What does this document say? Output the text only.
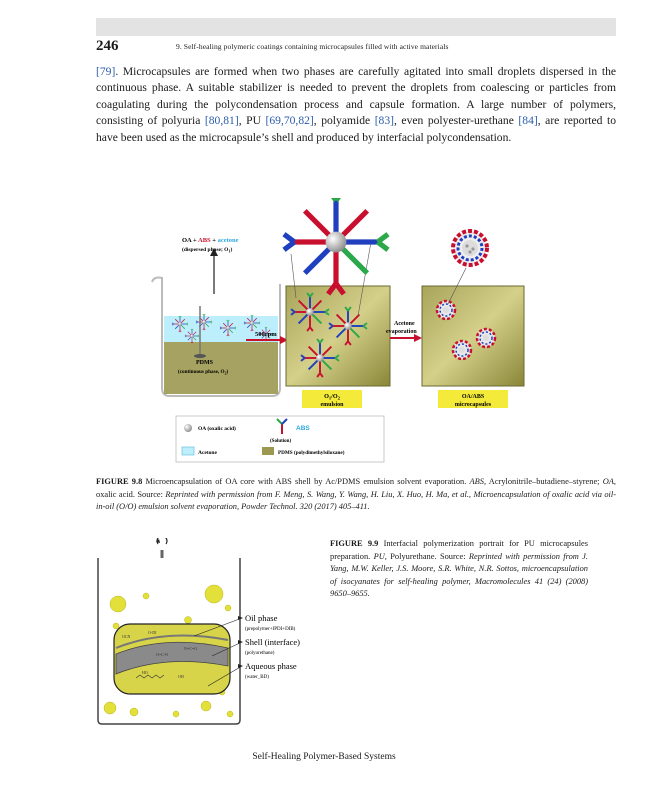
246	9. Self-healing polymeric coatings containing microcapsules filled with active materials
[79]. Microcapsules are formed when two phases are carefully agitated into small droplets dispersed in the continuous phase. A suitable stabilizer is needed to prevent the droplets from coalescing or particles from coagulating during the polycondensation process and capsule formation. A large number of polymers, consisting of polyuria [80,81], PU [69,70,82], polyamide [83], even polyester-urethane [84], are reported to have been used as the microcapsule’s shell and produced by interfacial polycondensation.
OA + ABS + acetone
(dispersed phase; $O_1$)
PDMS
(continuous phase, $O_2$)
500rpm
$O_1/O_2$
emulsion
Acetone
evaporation
OA/ABS
microcapsules
OA (oxalic acid)	ABS
(Solution)
Acetone	PDMS (polydimethylsiloxane)
FIGURE 9.8 Microencapsulation of OA core with ABS shell by Ac/PDMS emulsion solvent evaporation. ABS, Acrylonitrile–butadiene–styrene; OA, oxalic acid. Source: Reprinted with permission from F. Meng, S. Wang, Y. Wang, H. Liu, X. Huo, H. Ma, et al., Microencapsulation of oxalic acid via oil-in-oil (O/O) emulsion solvent evaporation, Powder Technol. 320 (2017) 405–411.
OCN
O-DI
O=C-N
N=C=O
HO
OH
Oil phase
(prepolymer+IPDI+DIB)
Shell (interface)
(polyurethane)
Aqueous phase
(water_BD)
FIGURE 9.9 Interfacial polymerization portrait for PU microcapsules preparation. PU, Polyurethane. Source: Reprinted with permission from J. Yang, M.W. Keller, J.S. Moore, S.R. White, N.R. Sottos, microencapsulation of isocyanates for self-healing polymer, Macromolecules 41 (24) (2008) 9650–9655.
Self-Healing Polymer-Based Systems
